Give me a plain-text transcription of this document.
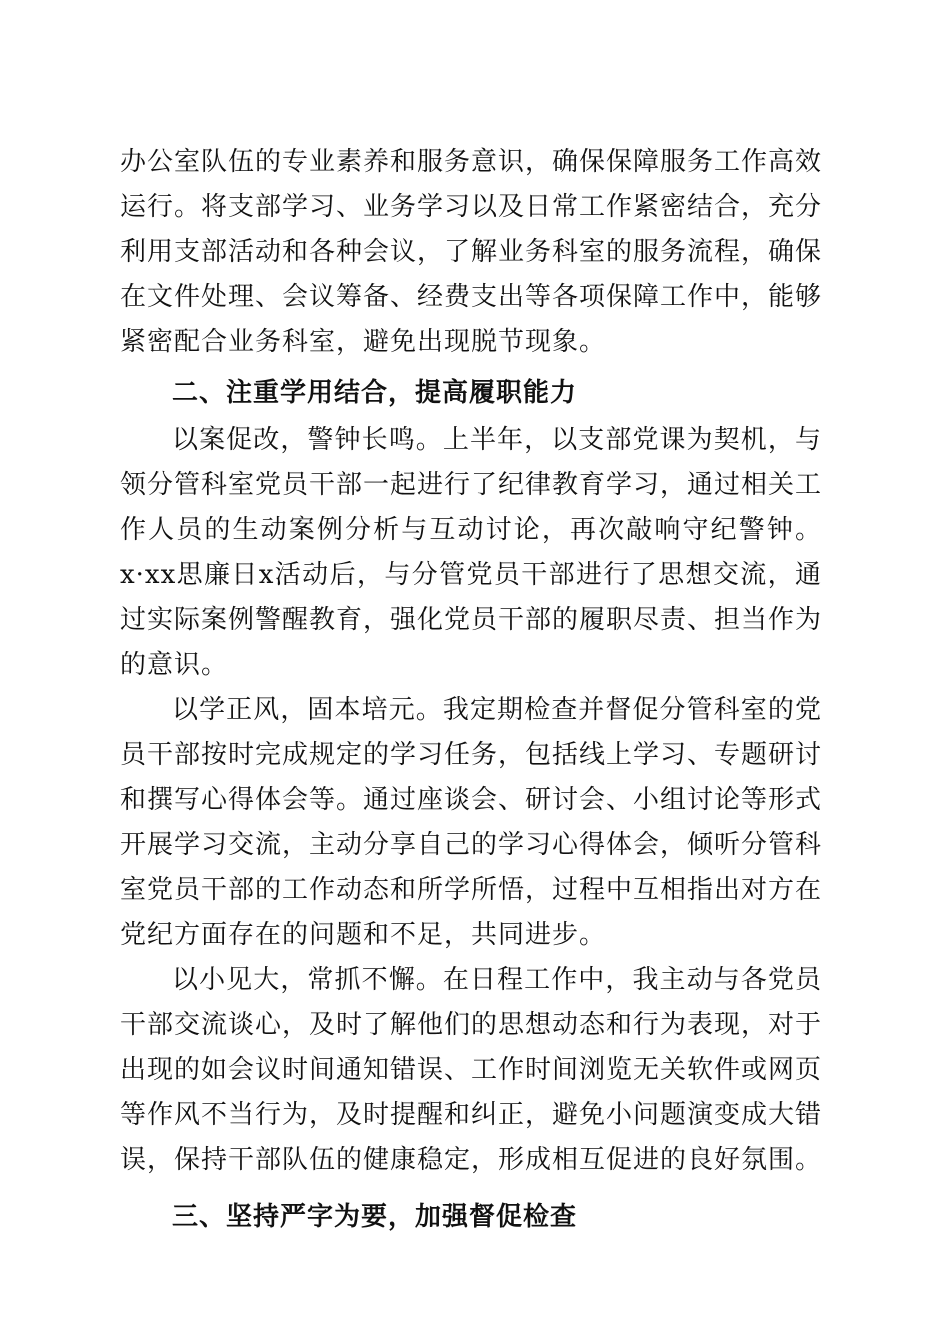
办公室队伍的专业素养和服务意识，确保保障服务工作高效运行。将支部学习、业务学习以及日常工作紧密结合，充分利用支部活动和各种会议，了解业务科室的服务流程，确保在文件处理、会议筹备、经费支出等各项保障工作中，能够紧密配合业务科室，避免出现脱节现象。

二、注重学用结合，提高履职能力

以案促改，警钟长鸣。上半年，以支部党课为契机，与领分管科室党员干部一起进行了纪律教育学习，通过相关工作人员的生动案例分析与互动讨论，再次敲响守纪警钟。x·xx思廉日x活动后，与分管党员干部进行了思想交流，通过实际案例警醒教育，强化党员干部的履职尽责、担当作为的意识。

以学正风，固本培元。我定期检查并督促分管科室的党员干部按时完成规定的学习任务，包括线上学习、专题研讨和撰写心得体会等。通过座谈会、研讨会、小组讨论等形式开展学习交流，主动分享自己的学习心得体会，倾听分管科室党员干部的工作动态和所学所悟，过程中互相指出对方在党纪方面存在的问题和不足，共同进步。

以小见大，常抓不懈。在日程工作中，我主动与各党员干部交流谈心，及时了解他们的思想动态和行为表现，对于出现的如会议时间通知错误、工作时间浏览无关软件或网页等作风不当行为，及时提醒和纠正，避免小问题演变成大错误，保持干部队伍的健康稳定，形成相互促进的良好氛围。

三、坚持严字为要，加强督促检查
